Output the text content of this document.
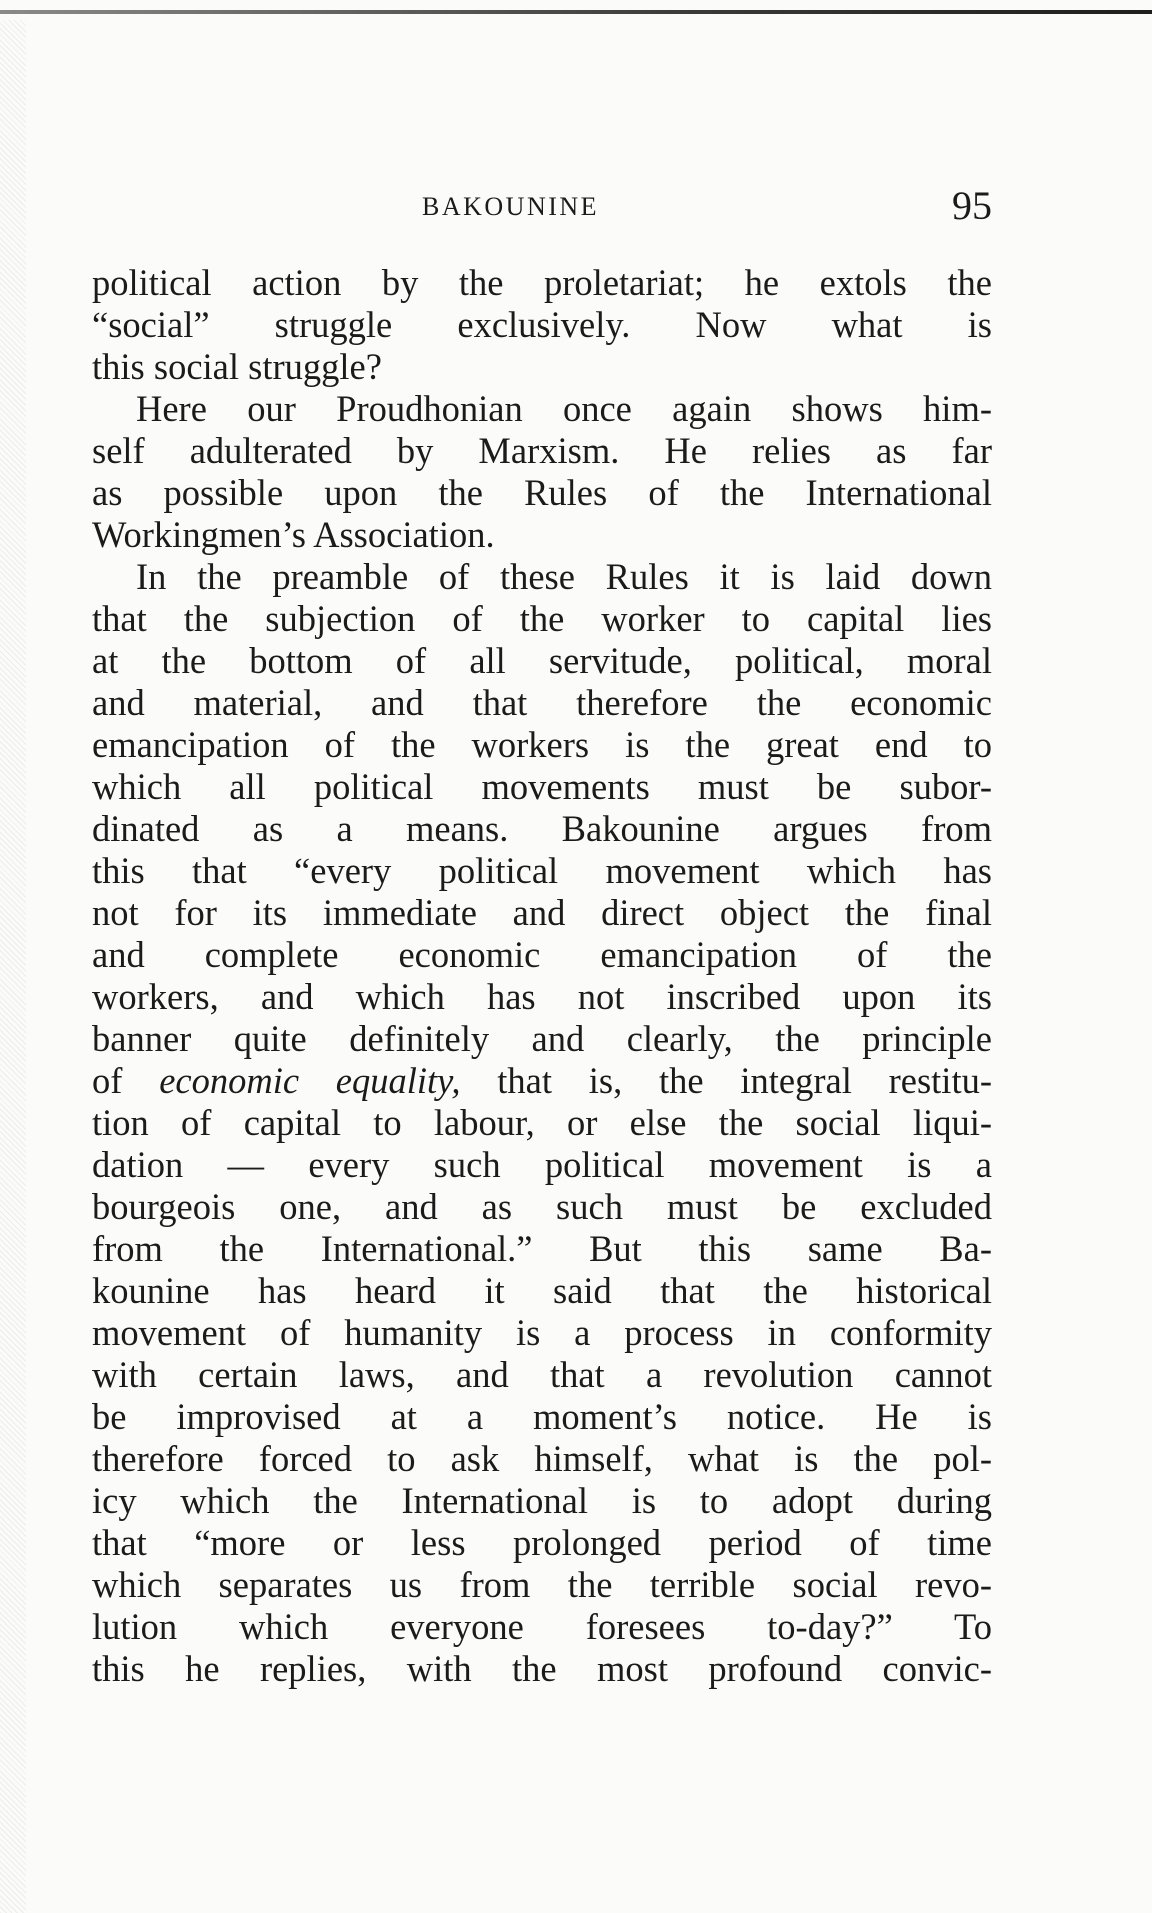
BAKOUNINE	95
political action by the proletariat; he extols the
“social” struggle exclusively. Now what is
this social struggle?
Here our Proudhonian once again shows him-
self adulterated by Marxism. He relies as far
as possible upon the Rules of the International
Workingmen’s Association.
In the preamble of these Rules it is laid down
that the subjection of the worker to capital lies
at the bottom of all servitude, political, moral
and material, and that therefore the economic
emancipation of the workers is the great end to
which all political movements must be subor-
dinated as a means. Bakounine argues from
this that “every political movement which has
not for its immediate and direct object the final
and complete economic emancipation of the
workers, and which has not inscribed upon its
banner quite definitely and clearly, the principle
of economic equality, that is, the integral restitu-
tion of capital to labour, or else the social liqui-
dation — every such political movement is a
bourgeois one, and as such must be excluded
from the International.” But this same Ba-
kounine has heard it said that the historical
movement of humanity is a process in conformity
with certain laws, and that a revolution cannot
be improvised at a moment’s notice. He is
therefore forced to ask himself, what is the pol-
icy which the International is to adopt during
that “more or less prolonged period of time
which separates us from the terrible social revo-
lution which everyone foresees to-day?” To
this he replies, with the most profound convic-
